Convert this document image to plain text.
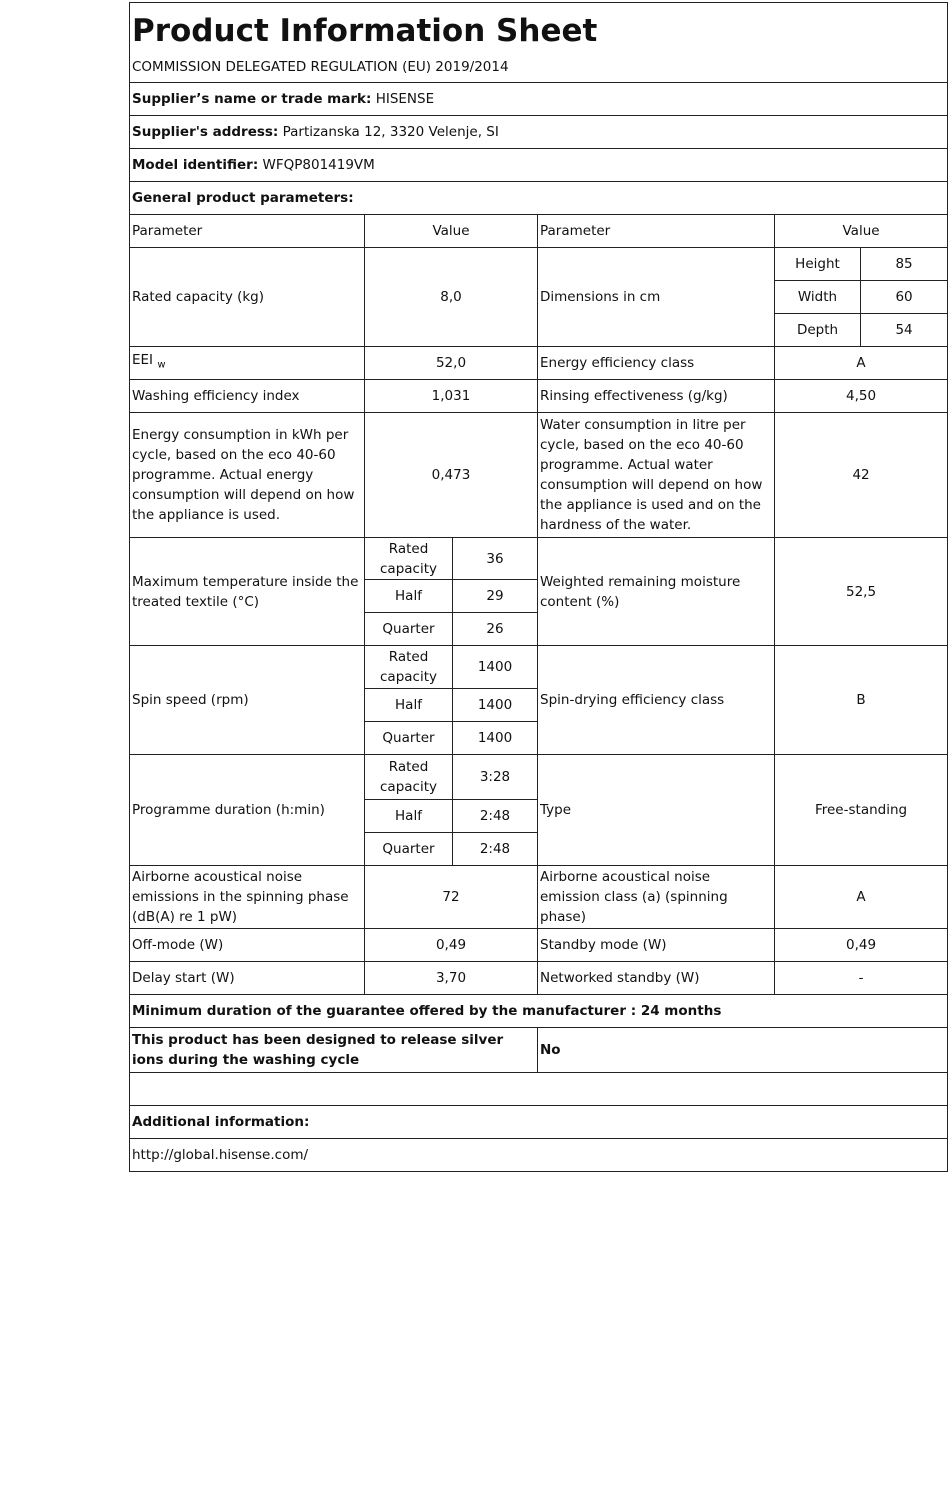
Product Information Sheet					
COMMISSION DELEGATED REGULATION (EU) 2019/2014					
Supplier’s name or trade mark: HISENSE					
Supplier's address: Partizanska 12, 3320 Velenje, SI					
Model identifier: WFQP801419VM					
General product parameters:					
Parameter	Value		Parameter	Value	
Rated capacity (kg)	8,0		Dimensions in cm	Height	85
				Width	60
				Depth	54
EEI $_w$	52,0		Energy efficiency class	A	
Washing efficiency index	1,031		Rinsing effectiveness (g/kg)	4,50	
Energy consumption in kWh per cycle, based on the eco 40-60 programme. Actual energy consumption will depend on how the appliance is used.	0,473		Water consumption in litre per cycle, based on the eco 40-60 programme. Actual water consumption will depend on how the appliance is used and on the hardness of the water.	42	
Maximum temperature inside the treated textile (°C)	Rated capacity	36	Weighted remaining moisture content (%)	52,5	
	Half	29			
	Quarter	26			
Spin speed (rpm)	Rated capacity	1400	Spin-drying efficiency class	B	
	Half	1400			
	Quarter	1400			
Programme duration (h:min)	Rated capacity	3:28	Type	Free-standing	
	Half	2:48			
	Quarter	2:48			
Airborne acoustical noise emissions in the spinning phase (dB(A) re 1 pW)	72		Airborne acoustical noise emission class (a) (spinning phase)	A	
Off-mode (W)	0,49		Standby mode (W)	0,49	
Delay start (W)	3,70		Networked standby (W)	-	
Minimum duration of the guarantee offered by the manufacturer : 24 months					
This product has been designed to release silver ions during the washing cycle			No		

Additional information:					
http://global.hisense.com/					
